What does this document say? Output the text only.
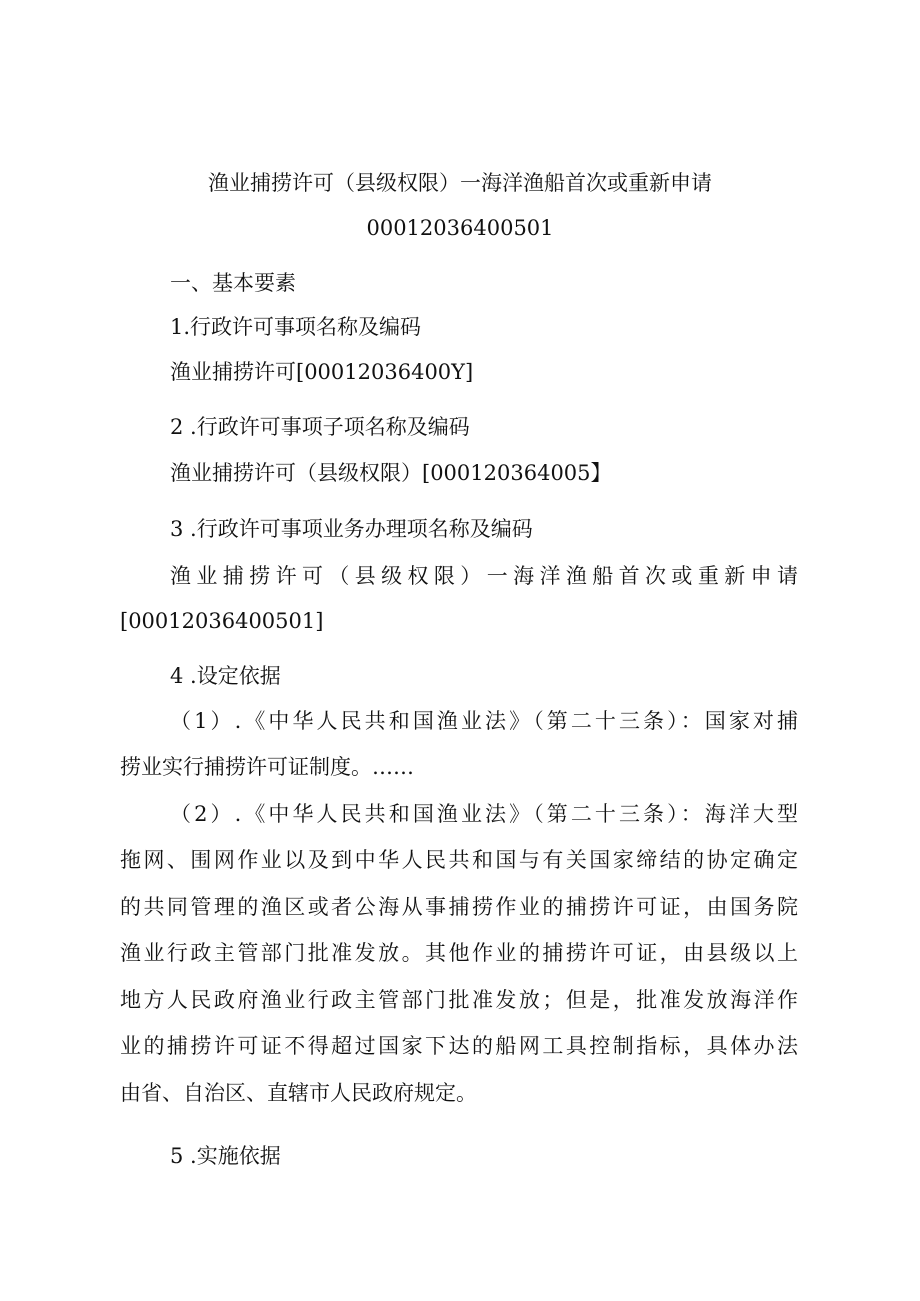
渔业捕捞许可（县级权限）一海洋渔船首次或重新申请

00012036400501

一、基本要素

1.行政许可事项名称及编码

渔业捕捞许可[00012036400Y]

2 .行政许可事项子项名称及编码

渔业捕捞许可（县级权限）[000120364005】

3 .行政许可事项业务办理项名称及编码

渔业捕捞许可（县级权限）一海洋渔船首次或重新申请

[00012036400501]

4 .设定依据

（1）.《中华人民共和国渔业法》（第二十三条）：国家对捕

捞业实行捕捞许可证制度。……

（2）.《中华人民共和国渔业法》（第二十三条）：海洋大型

拖网、围网作业以及到中华人民共和国与有关国家缔结的协定确定

的共同管理的渔区或者公海从事捕捞作业的捕捞许可证，由国务院

渔业行政主管部门批准发放。其他作业的捕捞许可证，由县级以上

地方人民政府渔业行政主管部门批准发放；但是，批准发放海洋作

业的捕捞许可证不得超过国家下达的船网工具控制指标，具体办法

由省、自治区、直辖市人民政府规定。

5 .实施依据
